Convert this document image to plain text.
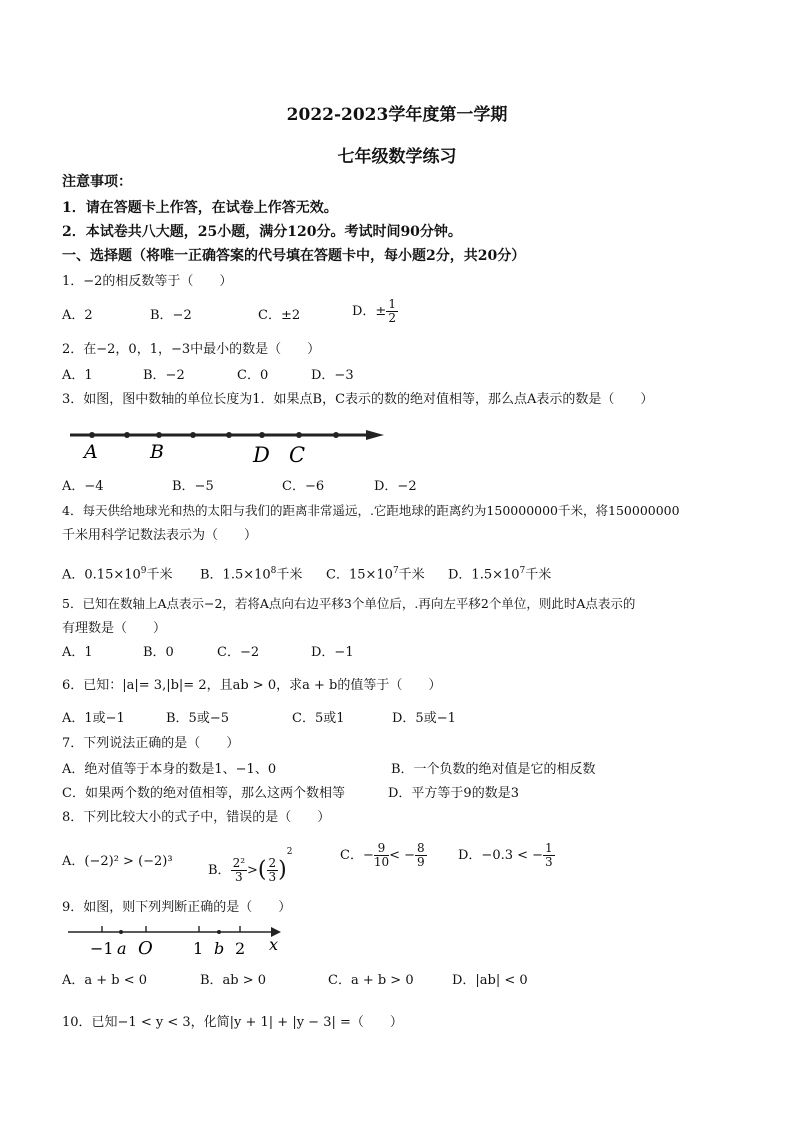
2022-2023学年度第一学期
七年级数学练习
注意事项：
1．请在答题卡上作答，在试卷上作答无效。
2．本试卷共八大题，25小题，满分120分。考试时间90分钟。
一、选择题（将唯一正确答案的代号填在答题卡中，每小题2分，共20分）
1．−2的相反数等于（　　）
A．2	B．−2	C．±2	D．± $\frac{1}{2}$
2．在−2，0，1，−3中最小的数是（　　）
A．1	B．−2	C．0	D．−3
3．如图，图中数轴的单位长度为1．如果点B，C表示的数的绝对值相等，那么点A表示的数是（　　）
A	B	D C
A．−4	B．−5	C．−6	D．−2
4．每天供给地球光和热的太阳与我们的距离非常遥远，.它距地球的距离约为150000000千米，将150000000
千米用科学记数法表示为（　　）
A．$0.15\times 10^9$千米 B．$1.5\times 10^8$千米 C．$15\times 10^7$千米 D．$1.5\times 10^7$千米
5．已知在数轴上A点表示−2，若将A点向右边平移3个单位后，.再向左平移2个单位，则此时A点表示的
有理数是（　　）
A．1	B．0	C．−2	D．−1
6．已知：|a|= 3,|b|= 2，且ab > 0，求a + b的值等于（　　）
A．1或−1	B．5或−5	C．5或1	D．5或−1
7．下列说法正确的是（　　）
A．绝对值等于本身的数是1、−1、0	B．一个负数的绝对值是它的相反数
C．如果两个数的绝对值相等，那么这两个数相等	D．平方等于9的数是3
8．下列比较大小的式子中，错误的是（　　）
A．(−2)² > (−2)³
B． $\frac{\text{2²}}{3}$ >( $\frac{2}{3} )^2$	C．− $\frac{9}{10}$ < − $\frac{8}{9}$ D．−0.3 < − $\frac{1}{3}$
9．如图，则下列判断正确的是（　　）
−1 a O	1 b 2 x
A．a + b < 0	B．ab > 0	C．a + b > 0	D．|ab| < 0
10．已知−1 < y < 3，化简|y + 1| + |y − 3| =（　　）
